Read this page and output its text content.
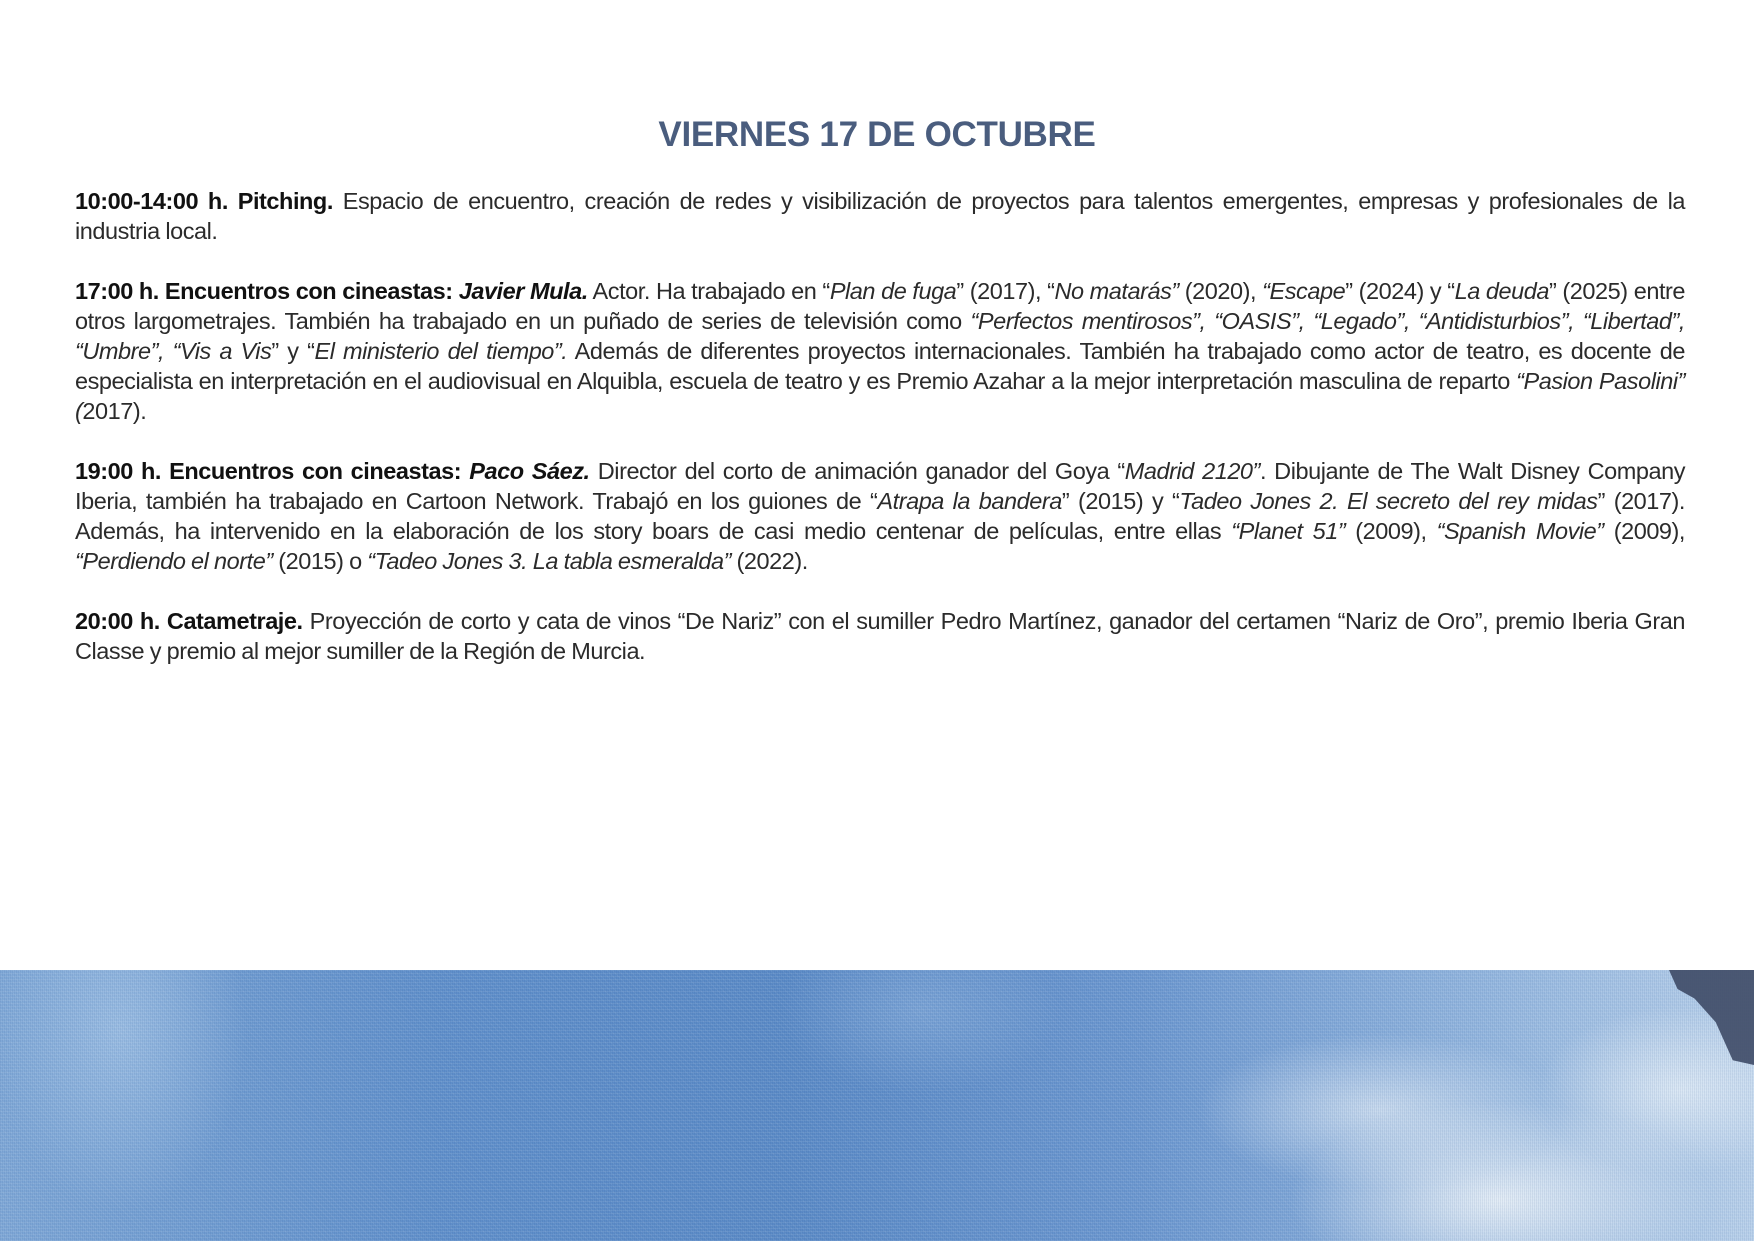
VIERNES 17 DE OCTUBRE

10:00-14:00 h. Pitching. Espacio de encuentro, creación de redes y visibilización de proyectos para talentos emergentes, empresas y profesionales de la industria local.

17:00 h. Encuentros con cineastas: Javier Mula. Actor. Ha trabajado en “Plan de fuga” (2017), “No matarás” (2020), “Escape” (2024) y “La deuda” (2025) entre otros largometrajes. También ha trabajado en un puñado de series de televisión como “Perfectos mentirosos”, “OASIS”, “Legado”, “Antidisturbios”, “Libertad”, “Umbre”, “Vis a Vis” y “El ministerio del tiempo”. Además de diferentes proyectos internacionales. También ha trabajado como actor de teatro, es docente de especialista en interpretación en el audiovisual en Alquibla, escuela de teatro y es Premio Azahar a la mejor interpretación masculina de reparto “Pasion Pasolini” (2017).

19:00 h. Encuentros con cineastas: Paco Sáez. Director del corto de animación ganador del Goya “Madrid 2120”. Dibujante de The Walt Disney Company Iberia, también ha trabajado en Cartoon Network. Trabajó en los guiones de “Atrapa la bandera” (2015) y “Tadeo Jones 2. El secreto del rey midas” (2017). Además, ha intervenido en la elaboración de los story boars de casi medio centenar de películas, entre ellas “Planet 51” (2009), “Spanish Movie” (2009), “Perdiendo el norte” (2015) o “Tadeo Jones 3. La tabla esmeralda” (2022).

20:00 h. Catametraje. Proyección de corto y cata de vinos “De Nariz” con el sumiller Pedro Martínez, ganador del certamen “Nariz de Oro”, premio Iberia Gran Classe y premio al mejor sumiller de la Región de Murcia.
